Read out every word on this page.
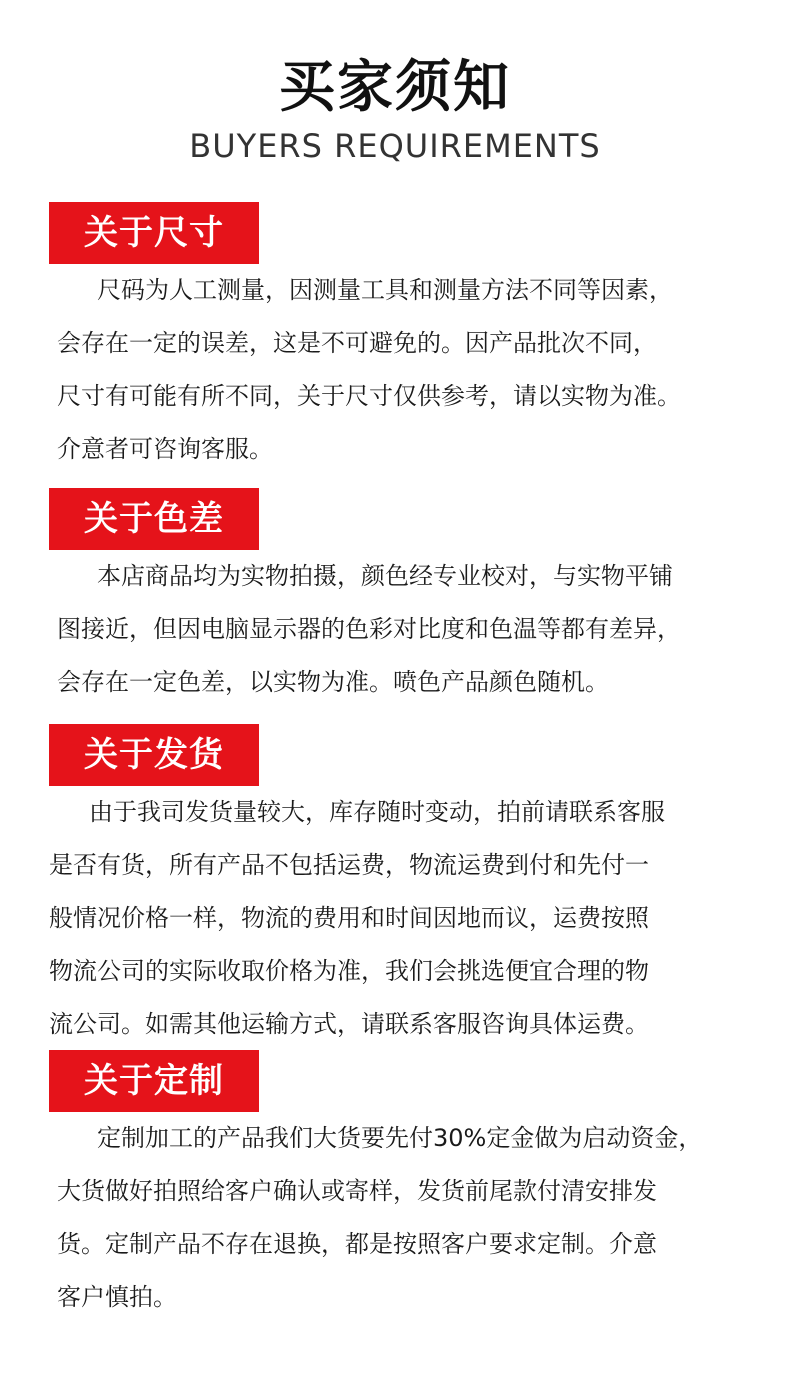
买家须知
BUYERS REQUIREMENTS
关于尺寸

尺码为人工测量，因测量工具和测量方法不同等因素，
会存在一定的误差，这是不可避免的。因产品批次不同，
尺寸有可能有所不同，关于尺寸仅供参考，请以实物为准。
介意者可咨询客服。

关于色差

本店商品均为实物拍摄，颜色经专业校对，与实物平铺
图接近，但因电脑显示器的色彩对比度和色温等都有差异，
会存在一定色差，以实物为准。喷色产品颜色随机。

关于发货

由于我司发货量较大，库存随时变动，拍前请联系客服
是否有货，所有产品不包括运费，物流运费到付和先付一
般情况价格一样，物流的费用和时间因地而议，运费按照
物流公司的实际收取价格为准，我们会挑选便宜合理的物
流公司。如需其他运输方式，请联系客服咨询具体运费。

关于定制

定制加工的产品我们大货要先付30%定金做为启动资金，
大货做好拍照给客户确认或寄样，发货前尾款付清安排发
货。定制产品不存在退换，都是按照客户要求定制。介意
客户慎拍。
